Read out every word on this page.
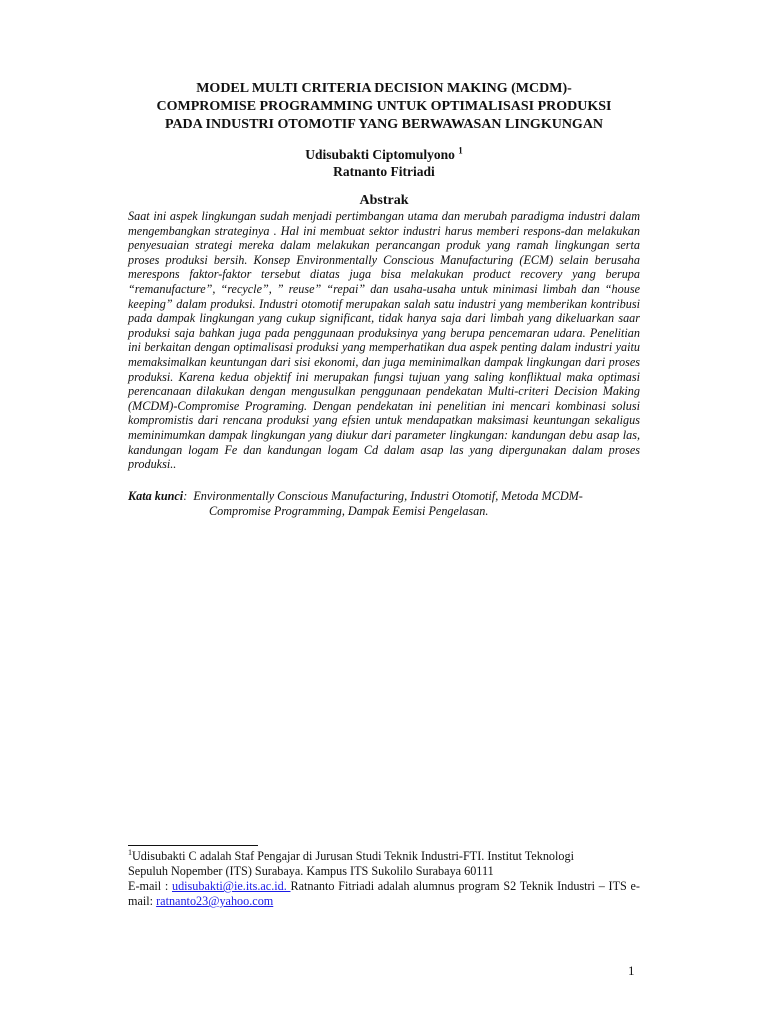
MODEL MULTI CRITERIA DECISION MAKING (MCDM)-
COMPROMISE PROGRAMMING UNTUK OPTIMALISASI PRODUKSI
PADA INDUSTRI OTOMOTIF YANG BERWAWASAN LINGKUNGAN
Udisubakti Ciptomulyono $^1$
Ratnanto Fitriadi
Abstrak
Saat ini aspek lingkungan sudah menjadi pertimbangan utama dan merubah paradigma industri dalam mengembangkan strateginya . Hal ini membuat sektor industri harus memberi respons-dan melakukan penyesuaian strategi mereka dalam melakukan perancangan produk yang ramah lingkungan serta proses produksi bersih. Konsep Environmentally Conscious Manufacturing (ECM) selain berusaha merespons faktor-faktor tersebut diatas juga bisa melakukan product recovery yang berupa “remanufacture”, “recycle”, ” reuse” “repai” dan usaha-usaha untuk minimasi limbah dan “house keeping” dalam produksi. Industri otomotif merupakan salah satu industri yang memberikan kontribusi pada dampak lingkungan yang cukup significant, tidak hanya saja dari limbah yang dikeluarkan saar produksi saja bahkan juga pada penggunaan produksinya yang berupa pencemaran udara. Penelitian ini berkaitan dengan optimalisasi produksi yang memperhatikan dua aspek penting dalam industri yaitu memaksimalkan keuntungan dari sisi ekonomi, dan juga meminimalkan dampak lingkungan dari proses produksi. Karena kedua objektif ini merupakan fungsi tujuan yang saling konfliktual maka optimasi perencanaan dilakukan dengan mengusulkan penggunaan pendekatan Multi-criteri Decision Making (MCDM)-Compromise Programing. Dengan pendekatan ini penelitian ini mencari kombinasi solusi kompromistis dari rencana produksi yang efsien untuk mendapatkan maksimasi keuntungan sekaligus meminimumkan dampak lingkungan yang diukur dari parameter lingkungan: kandungan debu asap las, kandungan logam Fe dan kandungan logam Cd dalam asap las yang dipergunakan dalam proses produksi..
Kata kunci : Environmentally Conscious Manufacturing, Industri Otomotif, Metoda MCDM-
Compromise Programming, Dampak Eemisi Pengelasan.
$^1$Udisubakti C adalah Staf Pengajar di Jurusan Studi Teknik Industri-FTI. Institut Teknologi
Sepuluh Nopember (ITS) Surabaya. Kampus ITS Sukolilo Surabaya 60111
E-mail : udisubakti@ie.its.ac.id. Ratnanto Fitriadi adalah alumnus program S2 Teknik Industri – ITS e-mail: ratnanto23@yahoo.com
1
